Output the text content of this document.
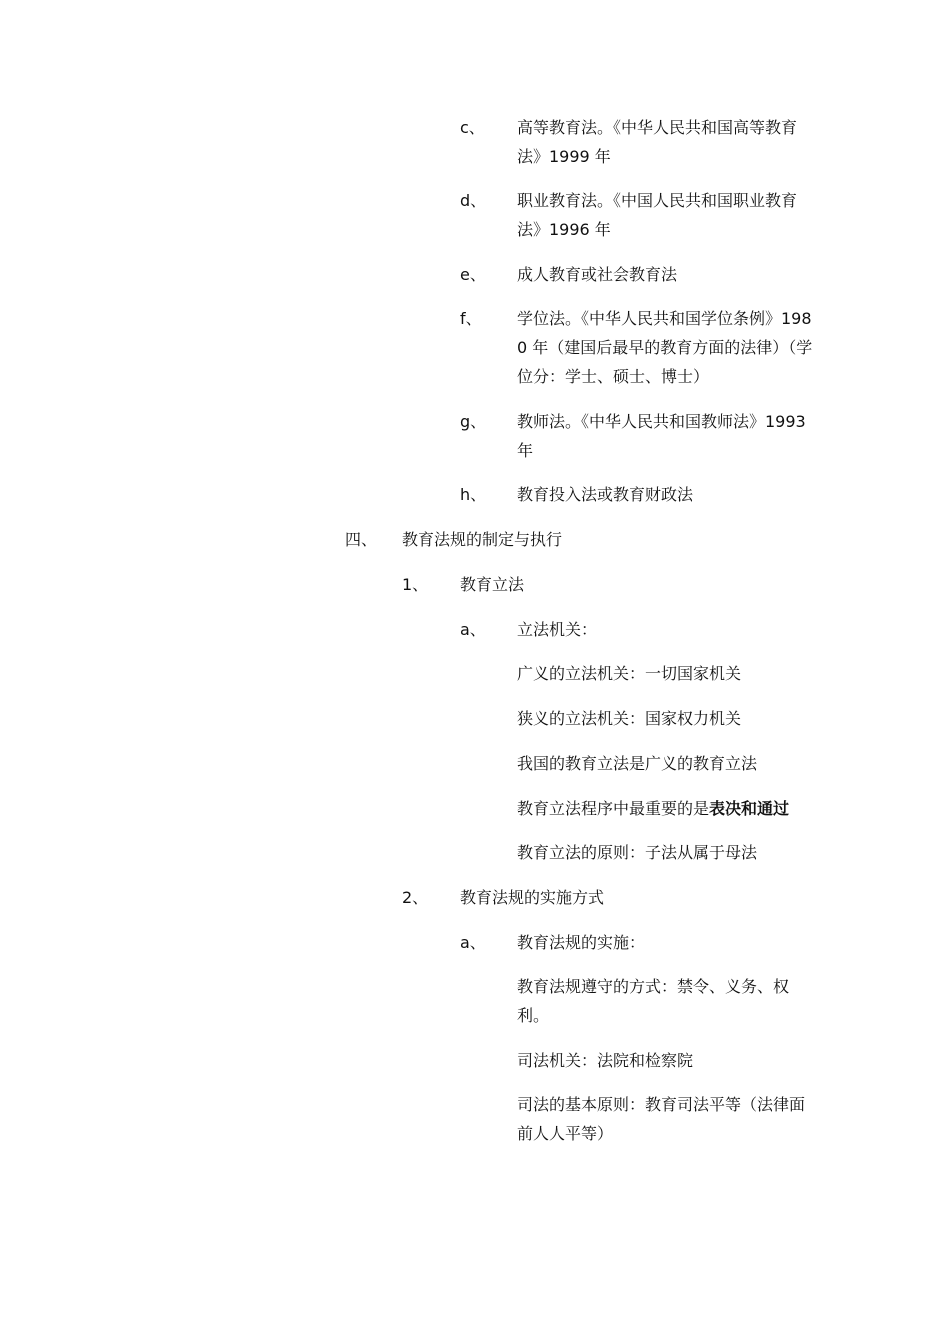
c、 高等教育法。《中华人民共和国高等教育法》1999 年
d、 职业教育法。《中国人民共和国职业教育法》1996 年
e、 成人教育或社会教育法
f、 学位法。《中华人民共和国学位条例》1980 年（建国后最早的教育方面的法律）（学位分：学士、硕士、博士）
g、 教师法。《中华人民共和国教师法》1993 年
h、 教育投入法或教育财政法
四、 教育法规的制定与执行
1、 教育立法
a、 立法机关：
广义的立法机关：一切国家机关
狭义的立法机关：国家权力机关
我国的教育立法是广义的教育立法
教育立法程序中最重要的是表决和通过
教育立法的原则：子法从属于母法
2、 教育法规的实施方式
a、 教育法规的实施：
教育法规遵守的方式：禁令、义务、权利。
司法机关：法院和检察院
司法的基本原则：教育司法平等（法律面前人人平等）
